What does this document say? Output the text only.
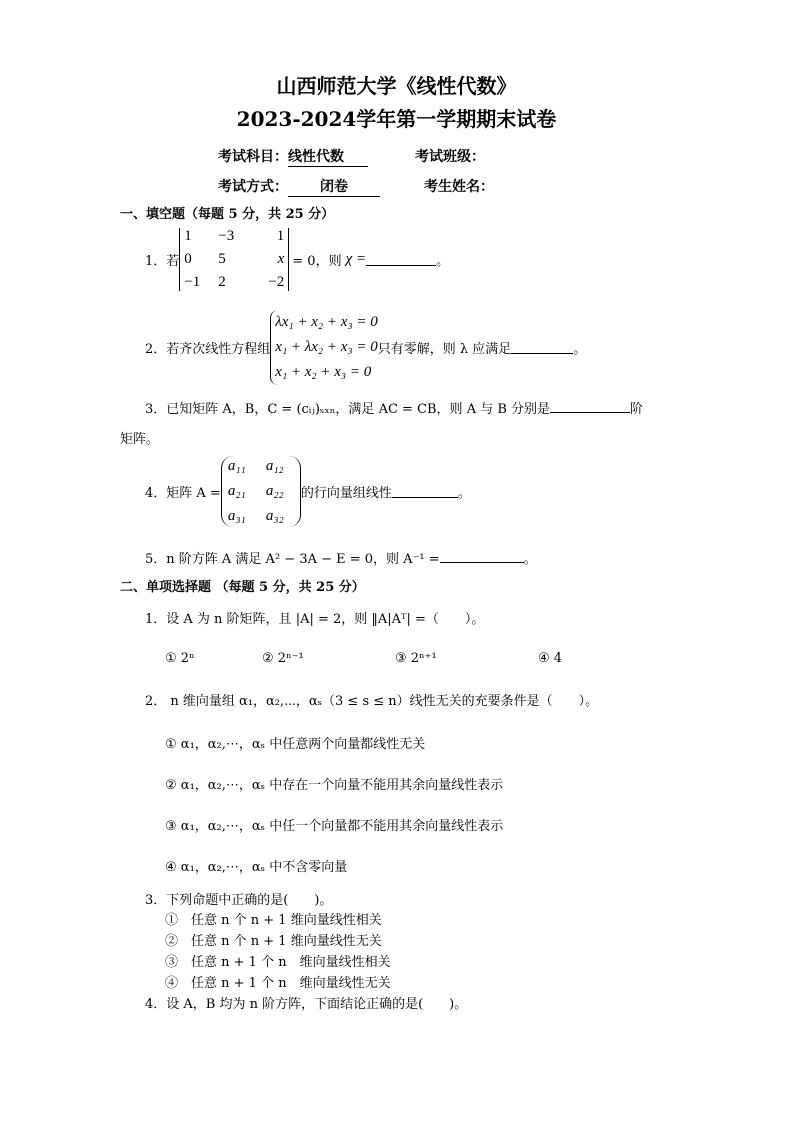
山西师范大学《线性代数》
2023-2024学年第一学期期末试卷
考试科目：线性代数	考试班级：
考试方式： 闭卷	考生姓名：
一、填空题（每题 5 分，共 25 分）
1．若
1	−3	1
0	5	x
−1	2	−2
= 0，则 χ =	。
2．若齐次线性方程组
λx₁ + x₂ + x₃ = 0
x₁ + λx₂ + x₃ = 0
x₁ + x₂ + x₃ = 0
只有零解，则 λ 应满足	。
3．已知矩阵 A，B，C = (cᵢⱼ)ₛₓₙ，满足 AC = CB，则 A 与 B 分别是	阶
矩阵。
4．矩阵 A =
a₁₁	a₁₂
a₂₁	a₂₂
a₃₁	a₃₂
的行向量组线性	。
5．n 阶方阵 A 满足 A² − 3A − E = 0，则 A⁻¹ =	。
二、单项选择题 （每题 5 分，共 25 分）
1．设 A 为 n 阶矩阵，且 |A| = 2，则 ‖A|Aᵀ| =（　　）。
① 2ⁿ	② 2ⁿ⁻¹	③ 2ⁿ⁺¹	④ 4
2． n 维向量组 α₁，α₂,⋯，αₛ（3 ≤ s ≤ n）线性无关的充要条件是（　　）。
① α₁，α₂,⋯，αₛ 中任意两个向量都线性无关
② α₁，α₂,⋯，αₛ 中存在一个向量不能用其余向量线性表示
③ α₁，α₂,⋯，αₛ 中任一个向量都不能用其余向量线性表示
④ α₁，α₂,⋯，αₛ 中不含零向量
3．下列命题中正确的是(　　)。
①　任意 n 个 n + 1 维向量线性相关
②　任意 n 个 n + 1 维向量线性无关
③　任意 n + 1 个 n　维向量线性相关
④　任意 n + 1 个 n　维向量线性无关
4．设 A，B 均为 n 阶方阵，下面结论正确的是(　　)。
